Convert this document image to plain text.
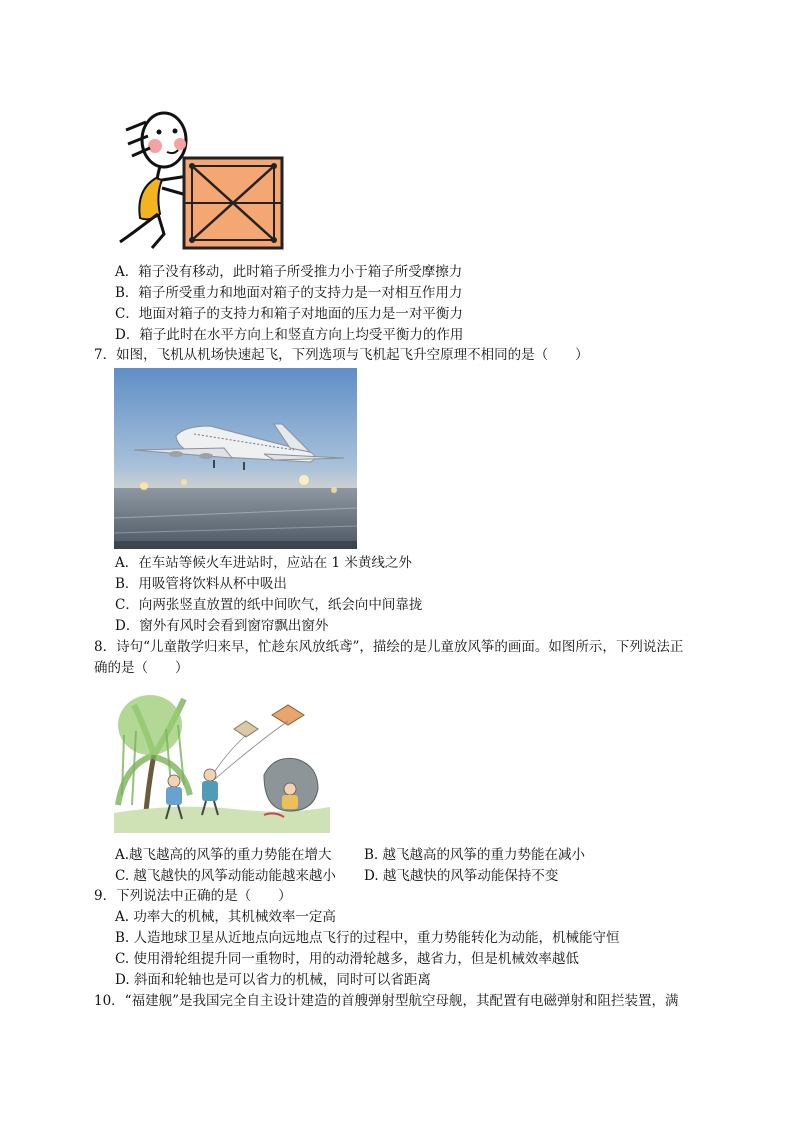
A．箱子没有移动，此时箱子所受推力小于箱子所受摩擦力
B．箱子所受重力和地面对箱子的支持力是一对相互作用力
C．地面对箱子的支持力和箱子对地面的压力是一对平衡力
D．箱子此时在水平方向上和竖直方向上均受平衡力的作用
7．如图，飞机从机场快速起飞，下列选项与飞机起飞升空原理不相同的是（　　）
A．在车站等候火车进站时，应站在 1 米黄线之外
B．用吸管将饮料从杯中吸出
C．向两张竖直放置的纸中间吹气，纸会向中间靠拢
D．窗外有风时会看到窗帘飘出窗外
8．诗句“儿童散学归来早，忙趁东风放纸鸢”，描绘的是儿童放风筝的画面。如图所示，下列说法正
确的是（　　）
A.越飞越高的风筝的重力势能在增大 B. 越飞越高的风筝的重力势能在减小
C. 越飞越快的风筝动能动能越来越小 D. 越飞越快的风筝动能保持不变
9．下列说法中正确的是（　　）
A. 功率大的机械，其机械效率一定高
B. 人造地球卫星从近地点向远地点飞行的过程中，重力势能转化为动能，机械能守恒
C. 使用滑轮组提升同一重物时，用的动滑轮越多，越省力，但是机械效率越低
D. 斜面和轮轴也是可以省力的机械，同时可以省距离
10．“福建舰”是我国完全自主设计建造的首艘弹射型航空母舰，其配置有电磁弹射和阻拦装置，满
